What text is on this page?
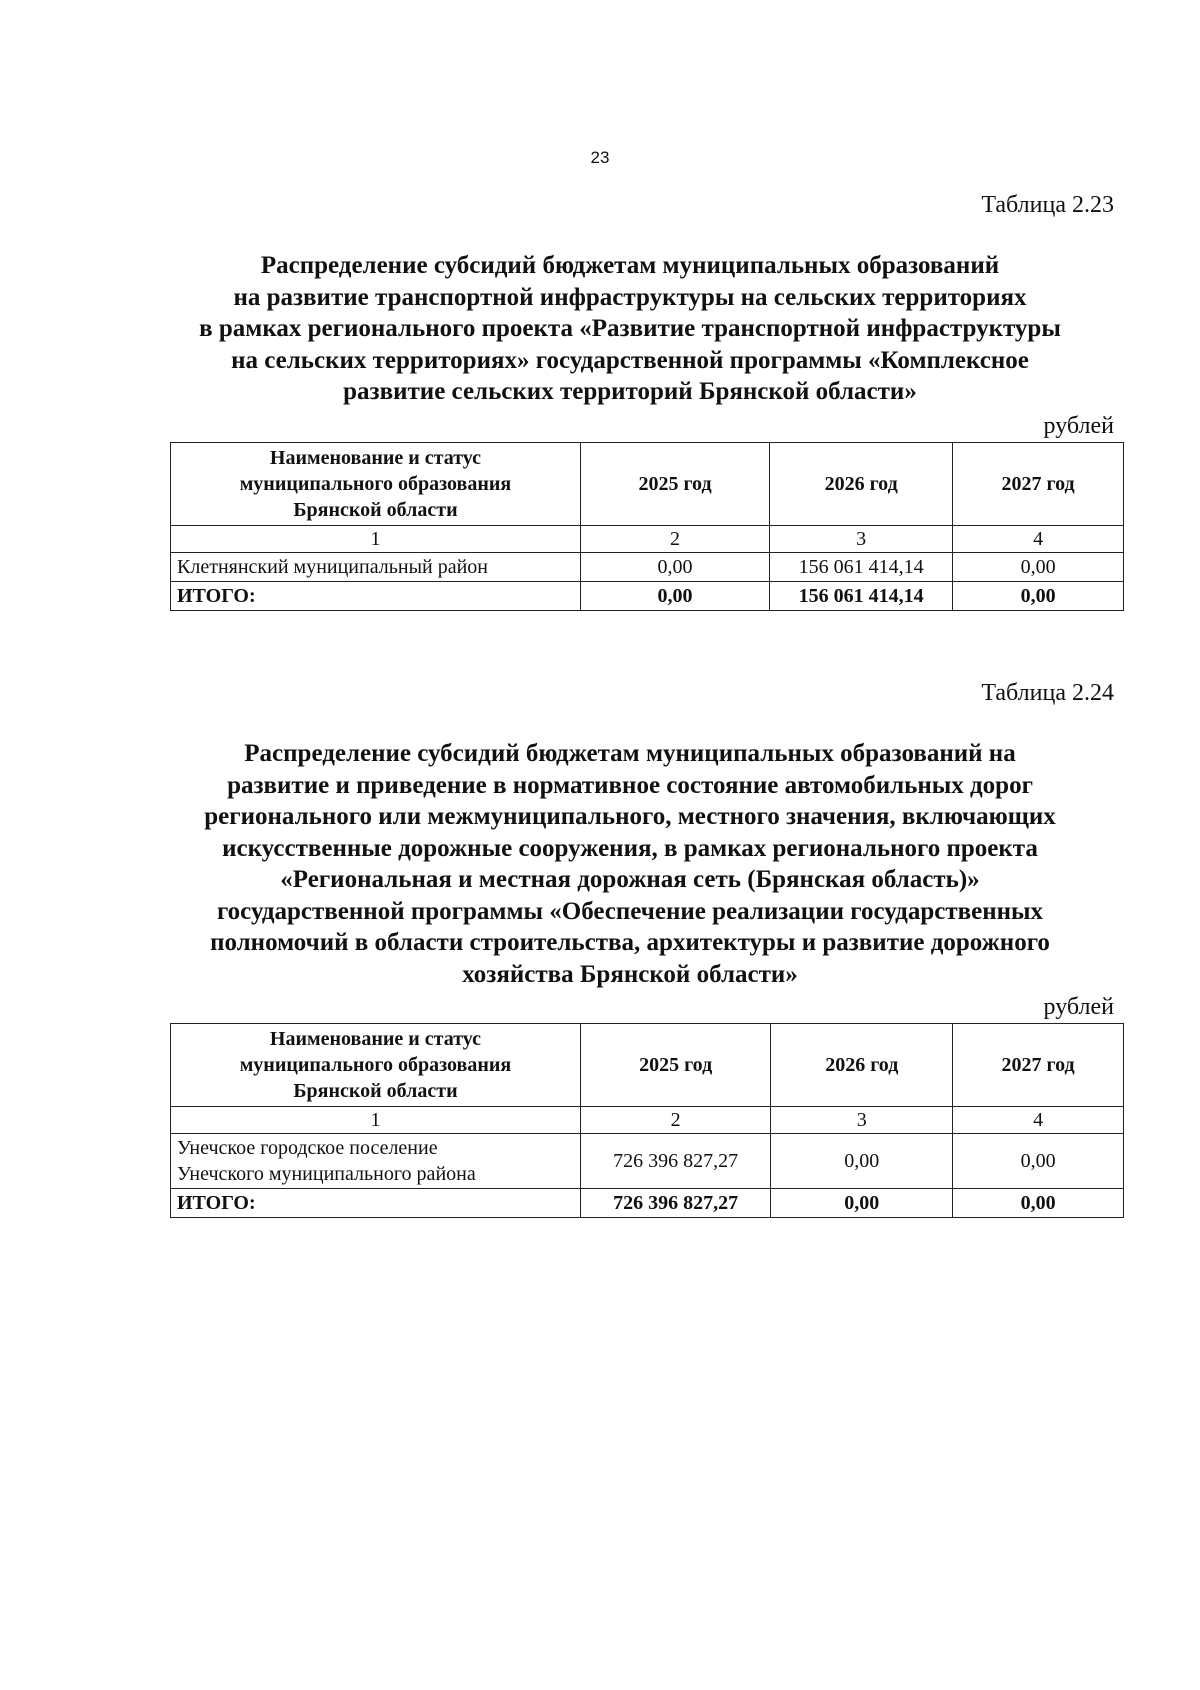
23
Таблица 2.23
Распределение субсидий бюджетам муниципальных образований
на развитие транспортной инфраструктуры на сельских территориях
в рамках регионального проекта «Развитие транспортной инфраструктуры
на сельских территориях» государственной программы «Комплексное
развитие сельских территорий Брянской области»
рублей
Наименование и статус
муниципального образования
Брянской области	2025 год	2026 год	2027 год
1	2	3	4
Клетнянский муниципальный район	0,00	156 061 414,14	0,00
ИТОГО:	0,00	156 061 414,14	0,00
Таблица 2.24
Распределение субсидий бюджетам муниципальных образований на
развитие и приведение в нормативное состояние автомобильных дорог
регионального или межмуниципального, местного значения, включающих
искусственные дорожные сооружения, в рамках регионального проекта
«Региональная и местная дорожная сеть (Брянская область)»
государственной программы «Обеспечение реализации государственных
полномочий в области строительства, архитектуры и развитие дорожного
хозяйства Брянской области»
рублей
Наименование и статус
муниципального образования
Брянской области	2025 год	2026 год	2027 год
1	2	3	4

Унечское городское поселение
Унечского муниципального района	726 396 827,27	0,00	0,00
ИТОГО:	726 396 827,27	0,00	0,00
